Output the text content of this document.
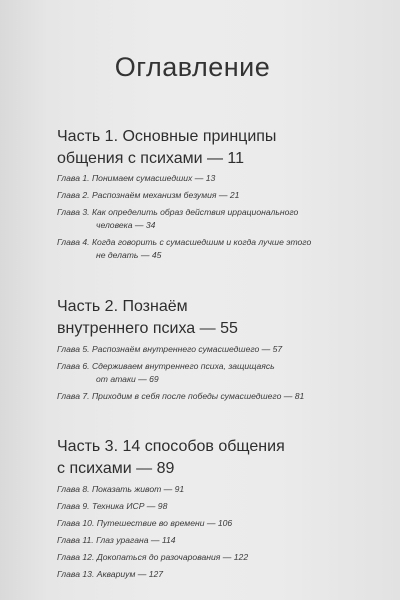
Оглавление
Часть 1. Основные принципы
общения с психами — 11
Глава 1. Понимаем сумасшедших — 13
Глава 2. Распознаём механизм безумия — 21
Глава 3. Как определить образ действия иррационального
человека — 34
Глава 4. Когда говорить с сумасшедшим и когда лучше этого
не делать — 45
Часть 2. Познаём
внутреннего психа — 55
Глава 5. Распознаём внутреннего сумасшедшего — 57
Глава 6. Сдерживаем внутреннего психа, защищаясь
от атаки — 69
Глава 7. Приходим в себя после победы сумасшедшего — 81
Часть 3. 14 способов общения
с психами — 89
Глава 8. Показать живот — 91
Глава 9. Техника ИСР — 98
Глава 10. Путешествие во времени — 106
Глава 11. Глаз урагана — 114
Глава 12. Докопаться до разочарования — 122
Глава 13. Аквариум — 127
